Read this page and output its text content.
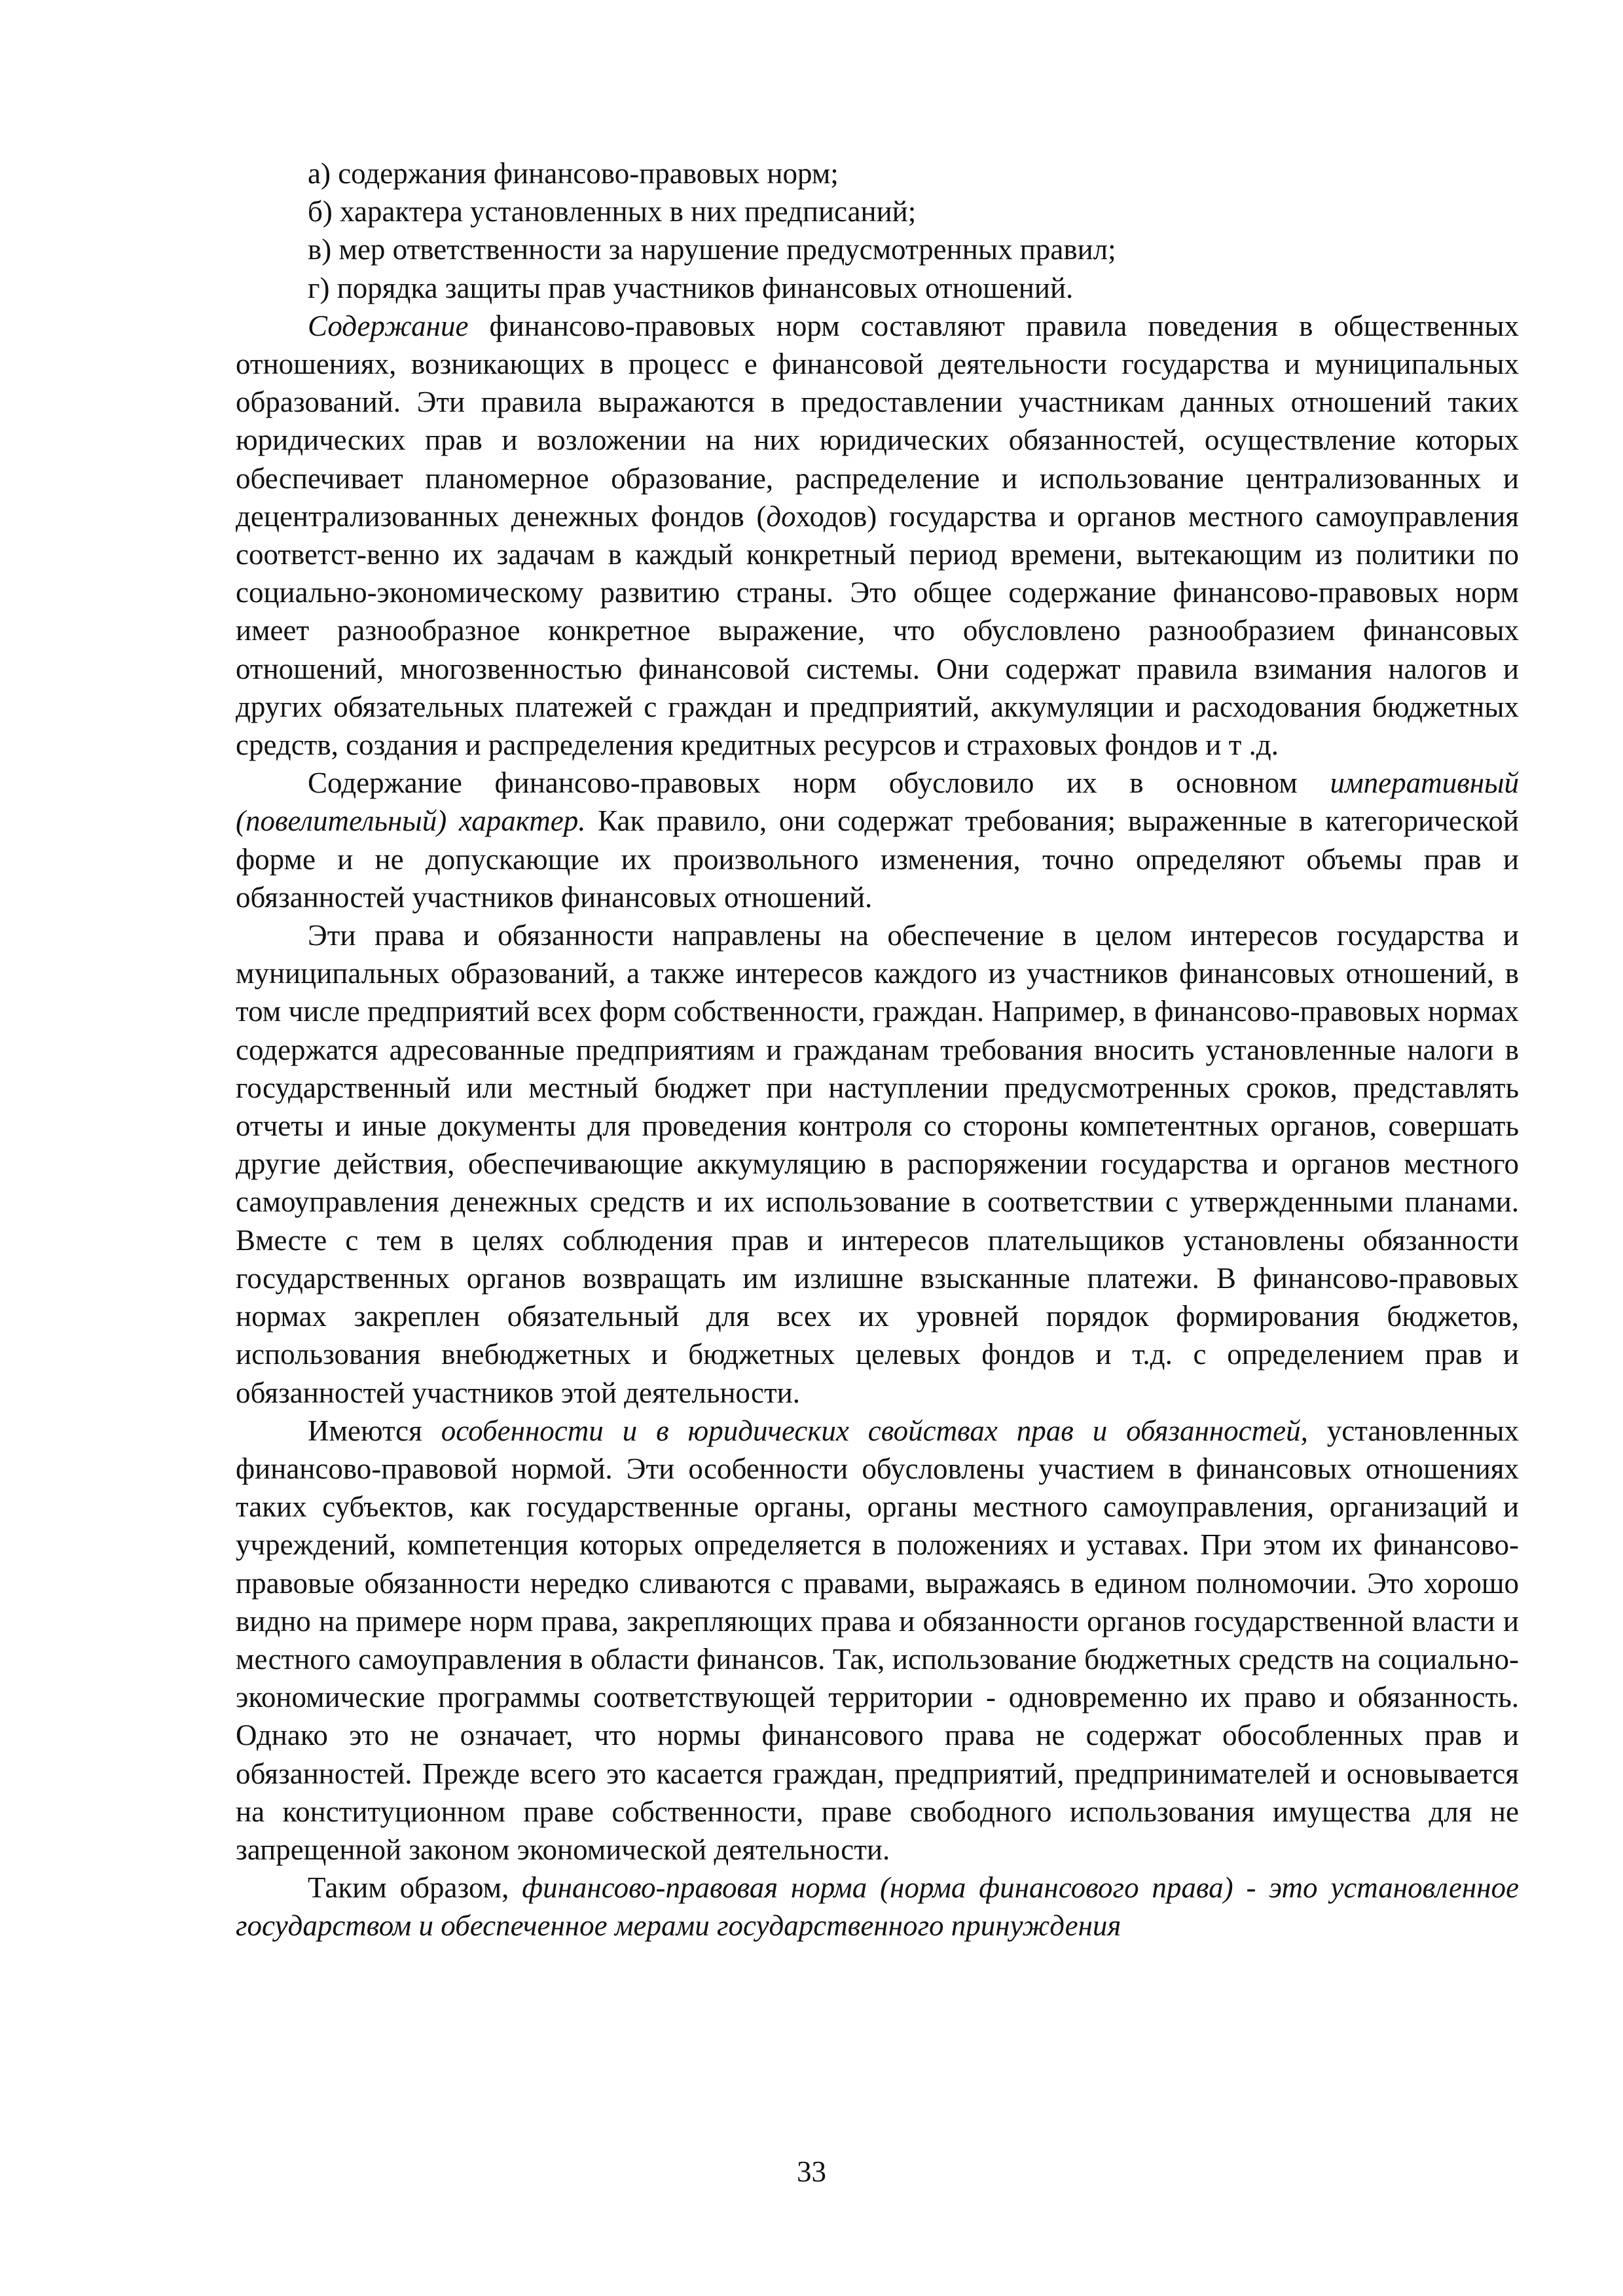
а) содержания финансово-правовых норм;

б) характера установленных в них предписаний;

в) мер ответственности за нарушение предусмотренных правил;

г) порядка защиты прав участников финансовых отношений.

Содержание финансово-правовых норм составляют правила поведения в общественных отношениях, возникающих в процесс е финансовой деятельности государства и муниципальных образований. Эти правила выражаются в предоставлении участникам данных отношений таких юридических прав и возложении на них юридических обязанностей, осуществление которых обеспечивает планомерное образование, распределение и использование централизованных и децентрализованных денежных фондов (доходов) государства и органов местного самоуправления соответст-венно их задачам в каждый конкретный период времени, вытекающим из политики по социально-экономическому развитию страны. Это общее содержание финансово-правовых норм имеет разнообразное конкретное выражение, что обусловлено разнообразием финансовых отношений, многозвенностью финансовой системы. Они содержат правила взимания налогов и других обязательных платежей с граждан и предприятий, аккумуляции и расходования бюджетных средств, создания и распределения кредитных ресурсов и страховых фондов и т .д.

Содержание финансово-правовых норм обусловило их в основном императивный (повелительный) характер. Как правило, они содержат требования; выраженные в категорической форме и не допускающие их произвольного изменения, точно определяют объемы прав и обязанностей участников финансовых отношений.

Эти права и обязанности направлены на обеспечение в целом интересов государства и муниципальных образований, а также интересов каждого из участников финансовых отношений, в том числе предприятий всех форм собственности, граждан. Например, в финансово-правовых нормах содержатся адресованные предприятиям и гражданам требования вносить установленные налоги в государственный или местный бюджет при наступлении предусмотренных сроков, представлять отчеты и иные документы для проведения контроля со стороны компетентных органов, совершать другие действия, обеспечивающие аккумуляцию в распоряжении государства и органов местного самоуправления денежных средств и их использование в соответствии с утвержденными планами. Вместе с тем в целях соблюдения прав и интересов плательщиков установлены обязанности государственных органов возвращать им излишне взысканные платежи. В финансово-правовых нормах закреплен обязательный для всех их уровней порядок формирования бюджетов, использования внебюджетных и бюджетных целевых фондов и т.д. с определением прав и обязанностей участников этой деятельности.

Имеются особенности и в юридических свойствах прав и обязанностей, установленных финансово-правовой нормой. Эти особенности обусловлены участием в финансовых отношениях таких субъектов, как государственные органы, органы местного самоуправления, организаций и учреждений, компетенция которых определяется в положениях и уставах. При этом их финансово-правовые обязанности нередко сливаются с правами, выражаясь в едином полномочии. Это хорошо видно на примере норм права, закрепляющих права и обязанности органов государственной власти и местного самоуправления в области финансов. Так, использование бюджетных средств на социально-экономические программы соответствующей территории - одновременно их право и обязанность. Однако это не означает, что нормы финансового права не содержат обособленных прав и обязанностей. Прежде всего это касается граждан, предприятий, предпринимателей и основывается на конституционном праве собственности, праве свободного использования имущества для не запрещенной законом экономической деятельности.

Таким образом, финансово-правовая норма (норма финансового права) - это установленное государством и обеспеченное мерами государственного принуждения

33
